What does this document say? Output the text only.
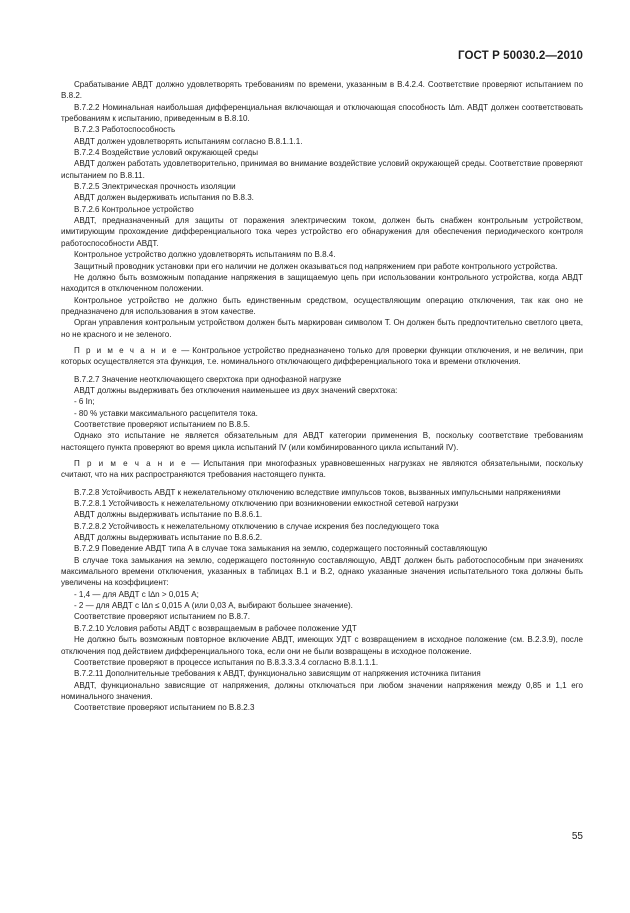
ГОСТ Р 50030.2—2010

Срабатывание АВДТ должно удовлетворять требованиям по времени, указанным в В.4.2.4. Соответствие проверяют испытанием по В.8.2.

В.7.2.2 Номинальная наибольшая дифференциальная включающая и отключающая способность I∆m. АВДТ должен соответствовать требованиям к испытанию, приведенным в В.8.10.

В.7.2.3 Работоспособность

АВДТ должен удовлетворять испытаниям согласно В.8.1.1.1.

В.7.2.4 Воздействие условий окружающей среды

АВДТ должен работать удовлетворительно, принимая во внимание воздействие условий окружающей среды. Соответствие проверяют испытанием по В.8.11.

В.7.2.5 Электрическая прочность изоляции

АВДТ должен выдерживать испытания по В.8.3.

В.7.2.6 Контрольное устройство

АВДТ, предназначенный для защиты от поражения электрическим током, должен быть снабжен контрольным устройством, имитирующим прохождение дифференциального тока через устройство его обнаружения для обеспечения периодического контроля работоспособности АВДТ.

Контрольное устройство должно удовлетворять испытаниям по В.8.4.

Защитный проводник установки при его наличии не должен оказываться под напряжением при работе контрольного устройства.

Не должно быть возможным попадание напряжения в защищаемую цепь при использовании контрольного устройства, когда АВДТ находится в отключенном положении.

Контрольное устройство не должно быть единственным средством, осуществляющим операцию отключения, так как оно не предназначено для использования в этом качестве.

Орган управления контрольным устройством должен быть маркирован символом T. Он должен быть предпочтительно светлого цвета, но не красного и не зеленого.

П р и м е ч а н и е — Контрольное устройство предназначено только для проверки функции отключения, и не величин, при которых осуществляется эта функция, т.е. номинального отключающего дифференциального тока и времени отключения.

В.7.2.7 Значение неотключающего сверхтока при однофазной нагрузке

АВДТ должны выдерживать без отключения наименьшее из двух значений сверхтока:

- 6 In;

- 80 % уставки максимального расцепителя тока.

Соответствие проверяют испытанием по В.8.5.

Однако это испытание не является обязательным для АВДТ категории применения В, поскольку соответствие требованиям настоящего пункта проверяют во время цикла испытаний IV (или комбинированного цикла испытаний IV).

П р и м е ч а н и е — Испытания при многофазных уравновешенных нагрузках не являются обязательными, поскольку считают, что на них распространяются требования настоящего пункта.

В.7.2.8 Устойчивость АВДТ к нежелательному отключению вследствие импульсов токов, вызванных импульсными напряжениями

В.7.2.8.1 Устойчивость к нежелательному отключению при возникновении емкостной сетевой нагрузки

АВДТ должны выдерживать испытание по В.8.6.1.

В.7.2.8.2 Устойчивость к нежелательному отключению в случае искрения без последующего тока

АВДТ должны выдерживать испытание по В.8.6.2.

В.7.2.9 Поведение АВДТ типа А в случае тока замыкания на землю, содержащего постоянный составляющую

В случае тока замыкания на землю, содержащего постоянную составляющую, АВДТ должен быть работоспособным при значениях максимального времени отключения, указанных в таблицах В.1 и В.2, однако указанные значения испытательного тока должны быть увеличены на коэффициент:

- 1,4 — для АВДТ с I∆n > 0,015 А;

- 2 — для АВДТ с I∆n ≤ 0,015 А (или 0,03 А, выбирают большее значение).

Соответствие проверяют испытанием по В.8.7.

В.7.2.10 Условия работы АВДТ с возвращаемым в рабочее положение УДТ

Не должно быть возможным повторное включение АВДТ, имеющих УДТ с возвращением в исходное положение (см. В.2.3.9), после отключения под действием дифференциального тока, если они не были возвращены в исходное положение.

Соответствие проверяют в процессе испытания по В.8.3.3.3.4 согласно В.8.1.1.1.

В.7.2.11 Дополнительные требования к АВДТ, функционально зависящим от напряжения источника питания

АВДТ, функционально зависящие от напряжения, должны отключаться при любом значении напряжения между 0,85 и 1,1 его номинального значения.

Соответствие проверяют испытанием по В.8.2.3

55
